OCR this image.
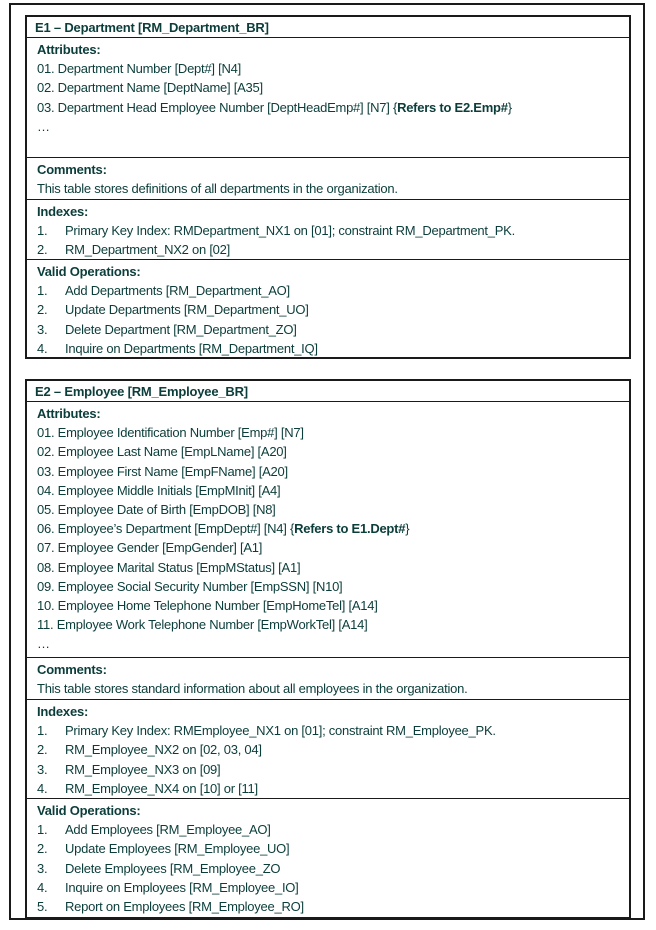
E1 – Department [RM_Department_BR]
Attributes:
01. Department Number [Dept#] [N4]
02. Department Name [DeptName] [A35]
03. Department Head Employee Number [DeptHeadEmp#] [N7] {Refers to E2.Emp#}
…
Comments:
This table stores definitions of all departments in the organization.
Indexes:
1. Primary Key Index: RMDepartment_NX1 on [01]; constraint RM_Department_PK.
2. RM_Department_NX2 on [02]
Valid Operations:
1. Add Departments [RM_Department_AO]
2. Update Departments [RM_Department_UO]
3. Delete Department [RM_Department_ZO]
4. Inquire on Departments [RM_Department_IQ]
E2 – Employee [RM_Employee_BR]
Attributes:
01. Employee Identification Number [Emp#] [N7]
02. Employee Last Name [EmpLName] [A20]
03. Employee First Name [EmpFName] [A20]
04. Employee Middle Initials [EmpMInit] [A4]
05. Employee Date of Birth [EmpDOB] [N8]
06. Employee’s Department [EmpDept#] [N4] {Refers to E1.Dept#}
07. Employee Gender [EmpGender] [A1]
08. Employee Marital Status [EmpMStatus] [A1]
09. Employee Social Security Number [EmpSSN] [N10]
10. Employee Home Telephone Number [EmpHomeTel] [A14]
11. Employee Work Telephone Number [EmpWorkTel] [A14]
…
Comments:
This table stores standard information about all employees in the organization.
Indexes:
1. Primary Key Index: RMEmployee_NX1 on [01]; constraint RM_Employee_PK.
2. RM_Employee_NX2 on [02, 03, 04]
3. RM_Employee_NX3 on [09]
4. RM_Employee_NX4 on [10] or [11]
Valid Operations:
1. Add Employees [RM_Employee_AO]
2. Update Employees [RM_Employee_UO]
3. Delete Employees [RM_Employee_ZO
4. Inquire on Employees [RM_Employee_IO]
5. Report on Employees [RM_Employee_RO]
